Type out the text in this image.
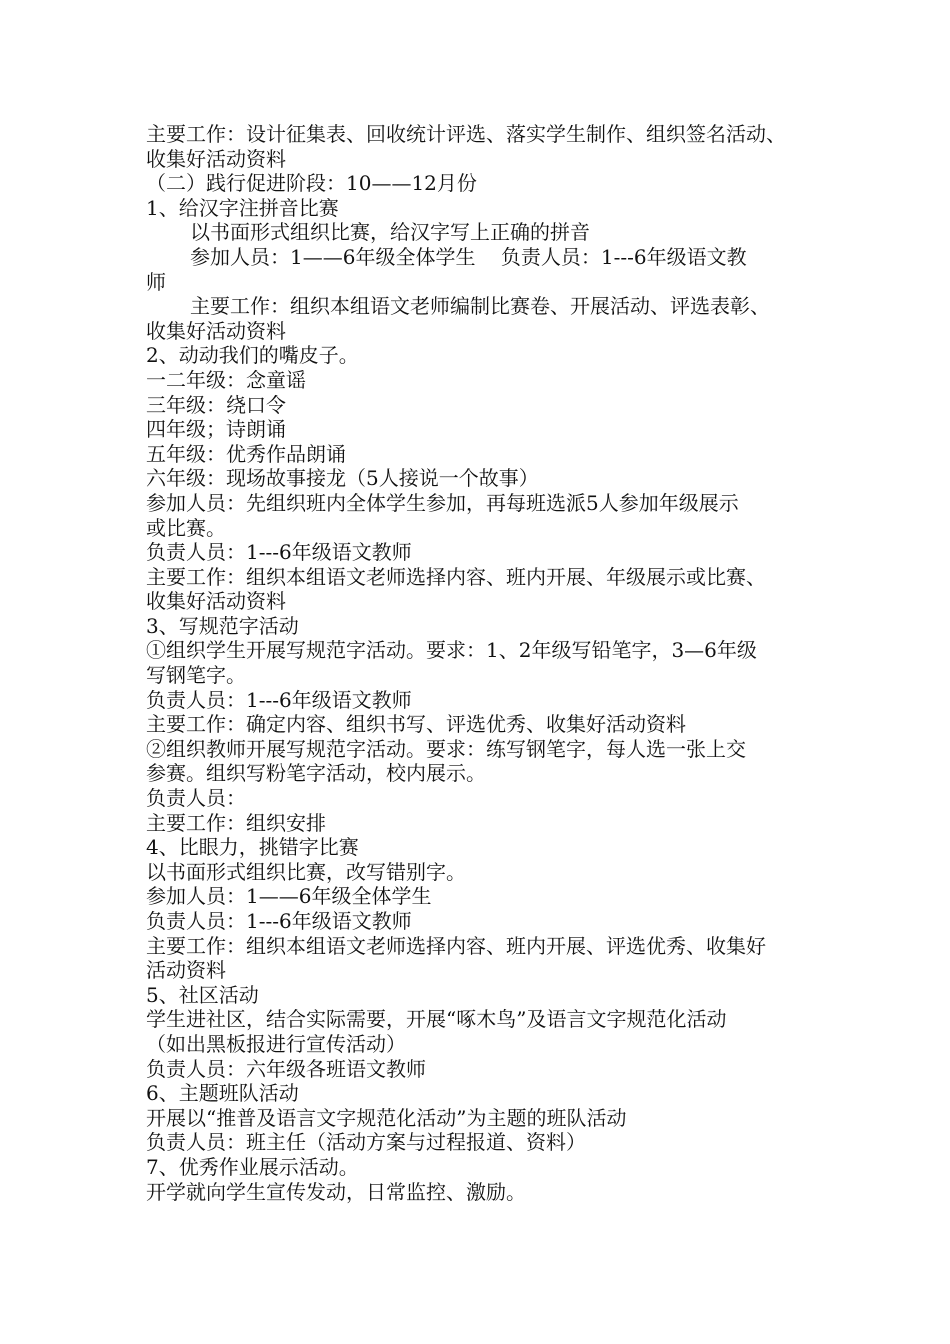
主要工作：设计征集表、回收统计评选、落实学生制作、组织签名活动、
收集好活动资料
（二）践行促进阶段：10——12月份
1、给汉字注拼音比赛
以书面形式组织比赛，给汉字写上正确的拼音
参加人员：1——6年级全体学生    负责人员：1---6年级语文教
师
主要工作：组织本组语文老师编制比赛卷、开展活动、评选表彰、
收集好活动资料
2、动动我们的嘴皮子。
一二年级：念童谣
三年级：绕口令
四年级；诗朗诵
五年级：优秀作品朗诵
六年级：现场故事接龙（5人接说一个故事）
参加人员：先组织班内全体学生参加，再每班选派5人参加年级展示
或比赛。
负责人员：1---6年级语文教师
主要工作：组织本组语文老师选择内容、班内开展、年级展示或比赛、
收集好活动资料
3、写规范字活动
①组织学生开展写规范字活动。要求：1、2年级写铅笔字，3—6年级
写钢笔字。
负责人员：1---6年级语文教师
主要工作：确定内容、组织书写、评选优秀、收集好活动资料
②组织教师开展写规范字活动。要求：练写钢笔字，每人选一张上交
参赛。组织写粉笔字活动，校内展示。
负责人员：
主要工作：组织安排
4、比眼力，挑错字比赛
以书面形式组织比赛，改写错别字。
参加人员：1——6年级全体学生
负责人员：1---6年级语文教师
主要工作：组织本组语文老师选择内容、班内开展、评选优秀、收集好
活动资料
5、社区活动
学生进社区，结合实际需要，开展“啄木鸟”及语言文字规范化活动
（如出黑板报进行宣传活动）
负责人员：六年级各班语文教师
6、主题班队活动
开展以“推普及语言文字规范化活动”为主题的班队活动
负责人员：班主任（活动方案与过程报道、资料）
7、优秀作业展示活动。
开学就向学生宣传发动，日常监控、激励。
